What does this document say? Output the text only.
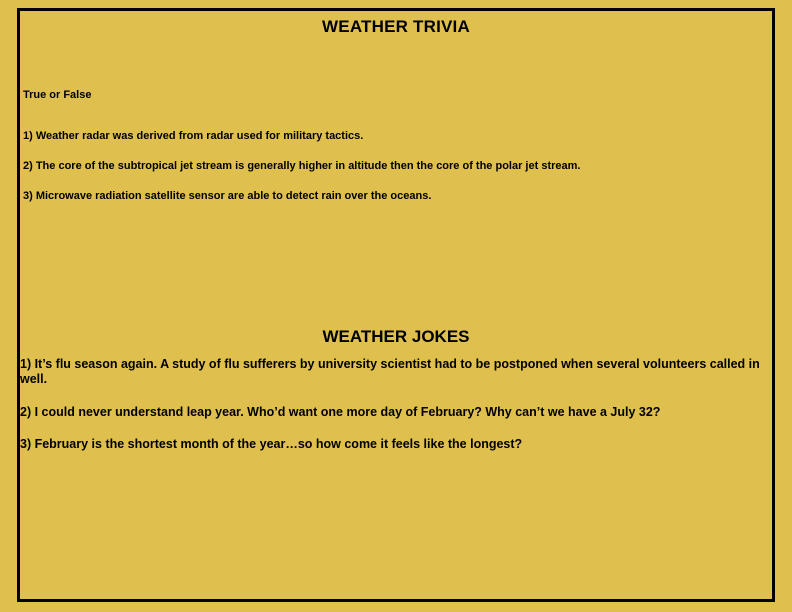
WEATHER TRIVIA
True or False
1) Weather radar was derived from radar used for military tactics.
2) The core of the subtropical jet stream is generally higher in altitude then the core of the polar jet stream.
3) Microwave radiation satellite sensor are able to detect rain over the oceans.
WEATHER JOKES
1) It’s flu season again. A study of flu sufferers by university scientist had to be postponed when several volunteers called in well.
2) I could never understand leap year. Who’d want one more day of February? Why can’t we have a July 32?
3) February is the shortest month of the year…so how come it feels like the longest?
